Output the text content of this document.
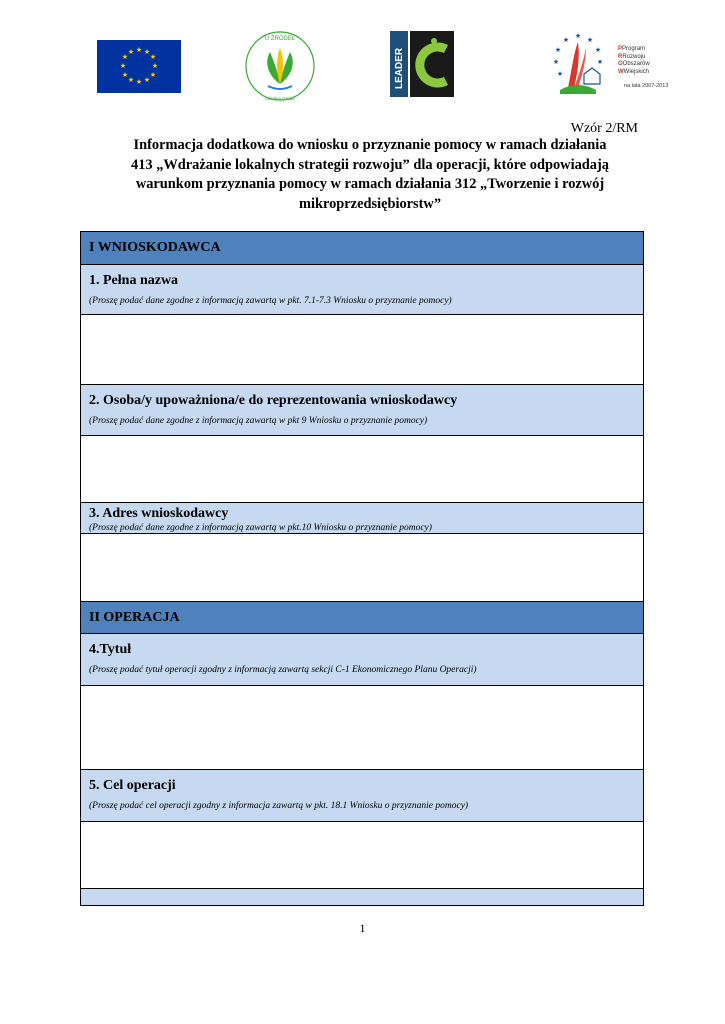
★ ★
★
★
★
★
★
★
★
★
★
★
U ŹRÓDEŁ
Lokalna Grupa
LEADER
★ ★
★
★
★
★
★
★
PProgram
RRozwoju
OObszarów
WWiejskich
na lata 2007-2013
Wzór 2/RM
Informacja dodatkowa do wniosku o przyznanie pomocy w ramach działania
413 „Wdrażanie lokalnych strategii rozwoju” dla operacji, które odpowiadają
warunkom przyznania pomocy w ramach działania 312 „Tworzenie i rozwój
mikroprzedsiębiorstw”
I WNIOSKODAWCA
1. Pełna nazwa
(Proszę podać dane zgodne z informacją zawartą w pkt. 7.1-7.3 Wniosku o przyznanie pomocy)
2. Osoba/y upoważniona/e do reprezentowania wnioskodawcy
(Proszę podać dane zgodne z informacją zawartą w pkt 9 Wniosku o przyznanie pomocy)
3. Adres wnioskodawcy
(Proszę podać dane zgodne z informacją zawartą w pkt.10 Wniosku o przyznanie pomocy)
II OPERACJA
4.Tytuł
(Proszę podać tytuł operacji zgodny z informacją zawartą sekcji C-1 Ekonomicznego Planu Operacji)
5. Cel operacji
(Proszę podać cel operacji zgodny z informacja zawartą w pkt. 18.1 Wniosku o przyznanie pomocy)
1
